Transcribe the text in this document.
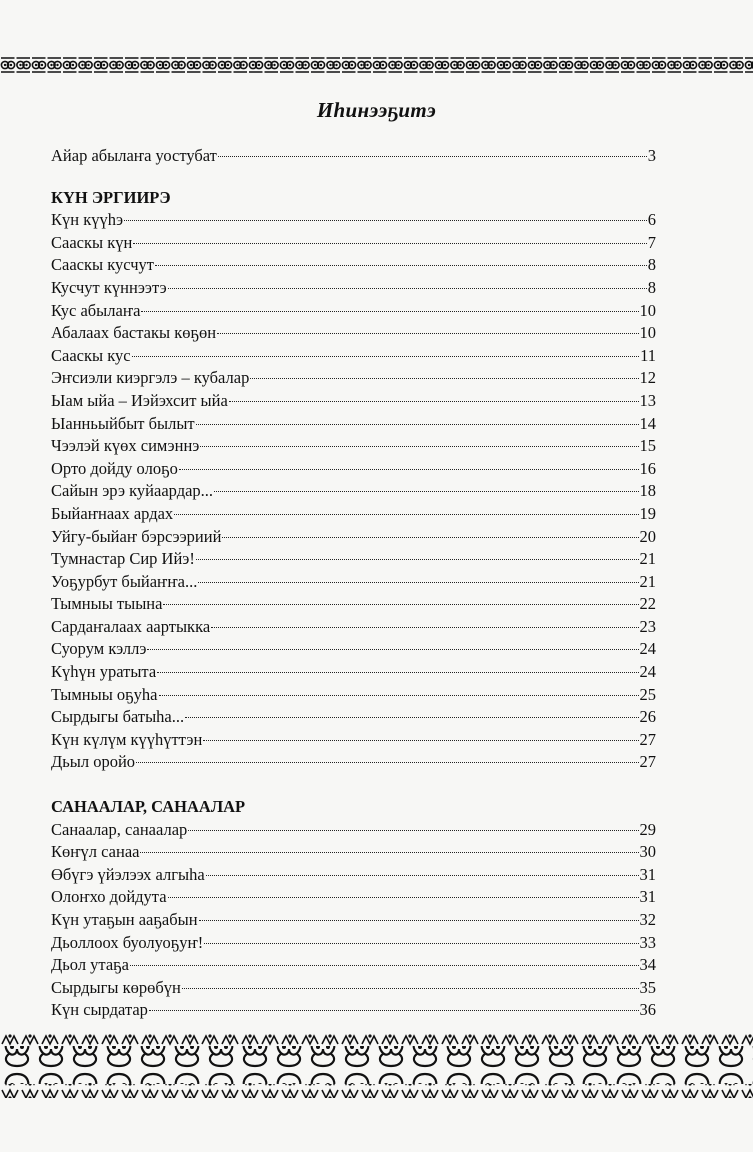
Иһинээҕитэ
Айар абылаҥа уостубат	3
КҮН ЭРГИИРЭ
Күн күүһэ	6
Сааскы күн	7
Сааскы кусчут	8
Кусчут күннээтэ	8
Кус абылаҥа	10
Абалаах бастакы көҕөн	10
Сааскы кус	11
Эҥсиэли киэргэлэ – кубалар	12
Ыам ыйа – Иэйэхсит ыйа	13
Ыанньыйбыт былыт	14
Чээлэй күөх симэннэ	15
Орто дойду олоҕо	16
Сайын эрэ куйаардар...	18
Быйаҥнаах ардах	19
Уйгу-быйаҥ бэрсээриий	20
Тумнастар Сир Ийэ!	21
Уоҕурбут быйаҥҥа...	21
Тымныы тыына	22
Сардаҥалаах аартыкка	23
Суорум кэллэ	24
Күһүн уратыта	24
Тымныы оҕуһа	25
Сырдыгы батыһа...	26
Күн күлүм күүһүттэн	27
Дьыл оройо	27
САНААЛАР, САНААЛАР
Санаалар, санаалар	29
Көҥүл санаа	30
Өбүгэ үйэлээх алгыһа	31
Олоҥхо дойдута	31
Күн утаҕын ааҕабын	32
Дьоллоох буолуоҕуҥ!	33
Дьол утаҕа	34
Сырдыгы көрөбүн	35
Күн сырдатар	36
